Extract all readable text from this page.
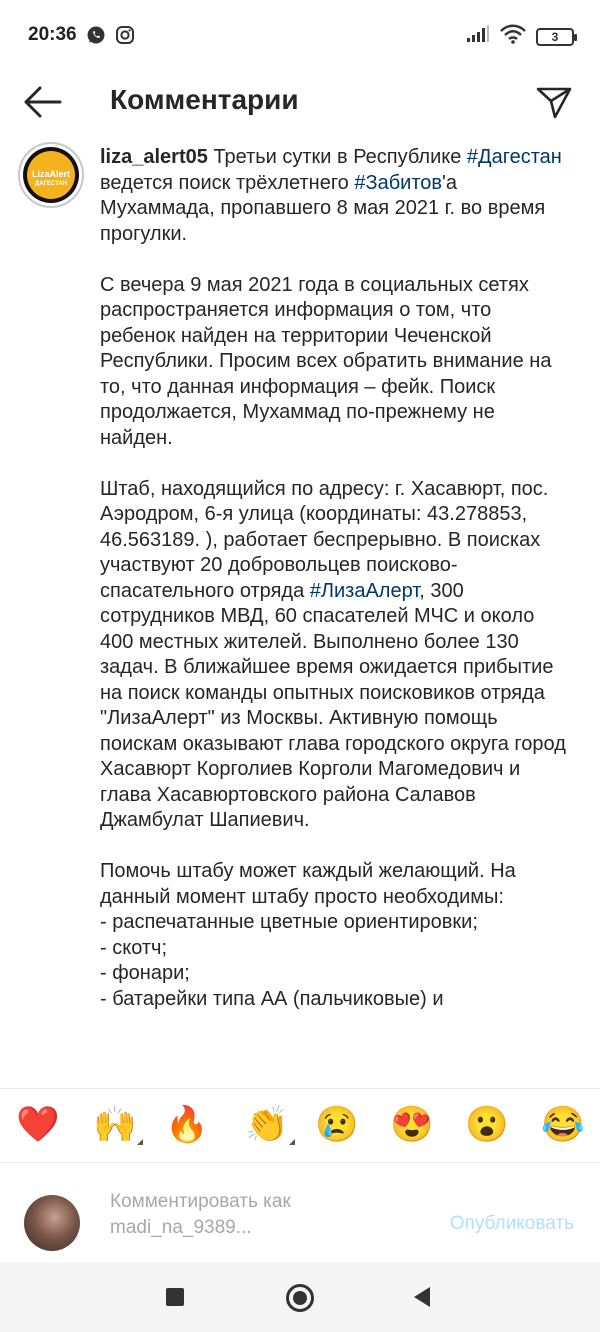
20:36	3
Комментарии
LizaAlert
ДАГЕСТАН
liza_alert05 Третьи сутки в Республике #Дагестан ведется поиск трёхлетнего #Забитов'а Мухаммада, пропавшего 8 мая 2021 г. во время прогулки.

С вечера 9 мая 2021 года в социальных сетях распространяется информация о том, что ребенок найден на территории Чеченской Республики. Просим всех обратить внимание на то, что данная информация – фейк. Поиск продолжается, Мухаммад по-прежнему не найден.

Штаб, находящийся по адресу: г. Хасавюрт, пос. Аэродром, 6-я улица (координаты: 43.278853, 46.563189. ), работает беспрерывно. В поисках участвуют 20 добровольцев поисково-спасательного отряда #ЛизаАлерт, 300 сотрудников МВД, 60 спасателей МЧС и около 400 местных жителей. Выполнено более 130 задач. В ближайшее время ожидается прибытие на поиск команды опытных поисковиков отряда "ЛизаАлерт" из Москвы. Активную помощь поискам оказывают глава городского округа город Хасавюрт Корголиев Корголи Магомедович и глава Хасавюртовского района Салавов Джамбулат Шапиевич.

Помочь штабу может каждый желающий. На данный момент штабу просто необходимы:
- распечатанные цветные ориентировки;
- скотч;
- фонари;
- батарейки типа АА (пальчиковые) и
❤️ 🙌 🔥 👏 😢 😍 😮 😂
Комментировать как madi_na_9389...	Опубликовать
